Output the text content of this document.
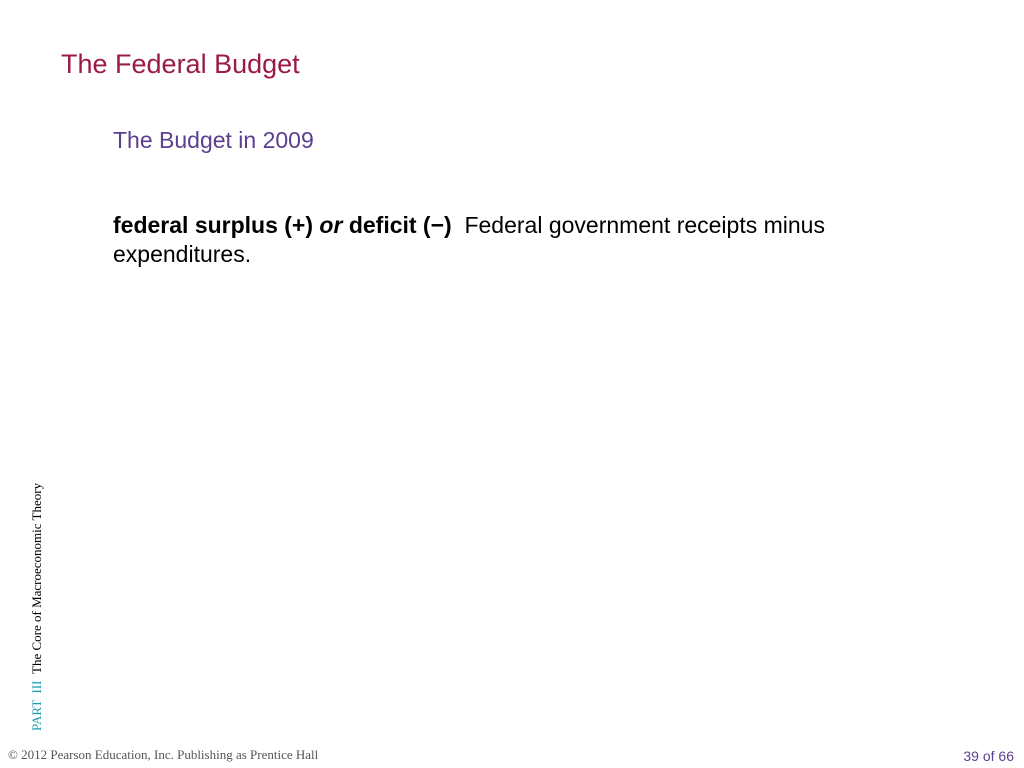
The Federal Budget
The Budget in 2009
federal surplus (+) or deficit (−) Federal government receipts minus expenditures.
PART  III  The Core of Macroeconomic Theory
© 2012 Pearson Education, Inc. Publishing as Prentice Hall	39 of 66
